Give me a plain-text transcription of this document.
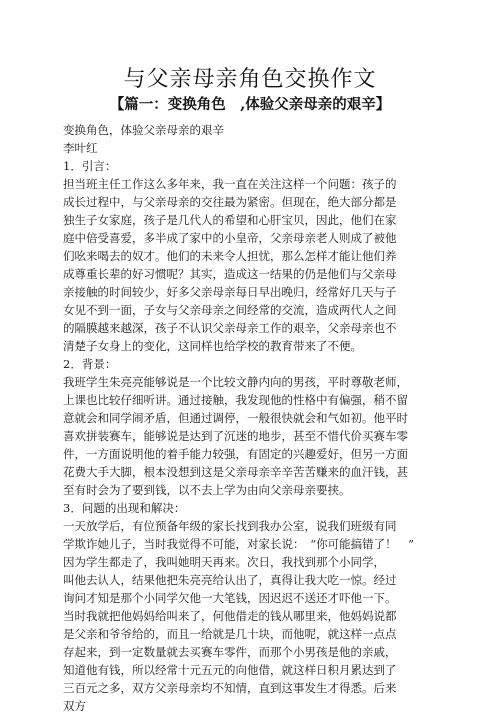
与父亲母亲角色交换作文
【篇一：变换角色　,体验父亲母亲的艰辛】
变换角色，体验父亲母亲的艰辛
李叶红
1．引言：
担当班主任工作这么多年来，我一直在关注这样一个问题：孩子的
成长过程中，与父亲母亲的交往最为紧密。但现在，绝大部分都是
独生子女家庭，孩子是几代人的希望和心肝宝贝，因此，他们在家
庭中倍受喜爱，多半成了家中的小皇帝，父亲母亲老人则成了被他
们吆来喝去的奴才。他们的未来令人担忧，那么怎样才能让他们养
成尊重长辈的好习惯呢？其实，造成这一结果的仍是他们与父亲母
亲接触的时间较少，好多父亲母亲每日早出晚归，经常好几天与子
女见不到一面，子女与父亲母亲之间经常的交流，造成两代人之间
的隔膜越来越深，孩子不认识父亲母亲工作的艰辛，父亲母亲也不
清楚子女身上的变化，这同样也给学校的教育带来了不便。
2．背景：
我班学生朱亮亮能够说是一个比较文静内向的男孩，平时尊敬老师，
上课也比较仔细听讲。通过接触，我发现他的性格中有偏强，稍不留
意就会和同学闹矛盾，但通过调停，一般很快就会和气如初。他平时
喜欢拼装赛车，能够说是达到了沉迷的地步，甚至不惜代价买赛车零
件，一方面说明他的着手能力较强，有固定的兴趣爱好，但另一方面
花费大手大脚，根本没想到这是父亲母亲辛辛苦苦赚来的血汗钱，甚
至有时会为了要到钱，以不去上学为由向父亲母亲要挟。
3．问题的出现和解决：
一天放学后，有位预备年级的家长找到我办公室，说我们班级有同
学欺诈她儿子，当时我觉得不可能，对家长说：　“你可能搞错了！　”
因为学生都走了，我叫她明天再来。次日，我找到那个小同学，
叫他去认人，结果他把朱亮亮给认出了，真得让我大吃一惊。经过
询问才知是那个小同学欠他一大笔钱，因迟迟不送还才吓他一下。
当时我就把他妈妈给叫来了，何他借走的钱从哪里来，他妈妈说都
是父亲和爷爷给的，而且一给就是几十块，而他呢，就这样一点点
存起来，到一定数量就去买赛车零件，而那个小男孩是他的亲戚，
知道他有钱，所以经常十元五元的向他借，就这样日积月累达到了
三百元之多，双方父亲母亲均不知情，直到这事发生才得悉。后来
双方
